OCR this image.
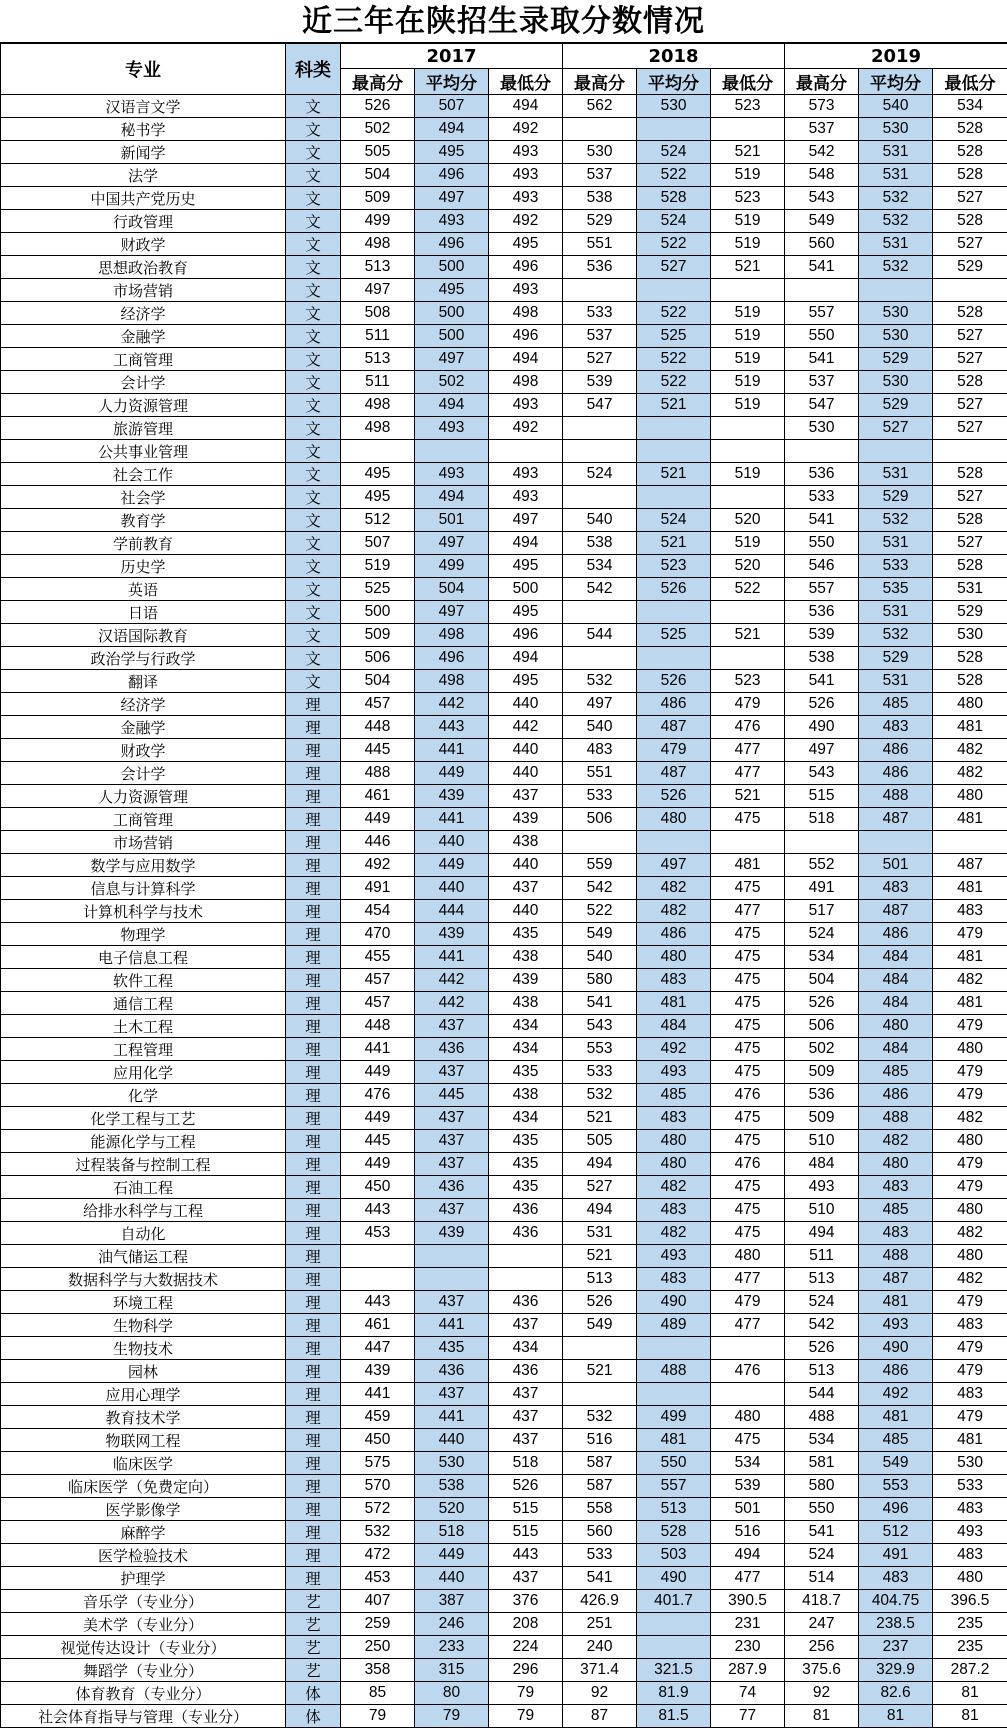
近三年在陕招生录取分数情况
专业	科类	2017			2018			2019		
		最高分	平均分	最低分	最高分	平均分	最低分	最高分	平均分	最低分
汉语言文学	文	526	507	494	562	530	523	573	540	534
秘书学	文	502	494	492				537	530	528
新闻学	文	505	495	493	530	524	521	542	531	528
法学	文	504	496	493	537	522	519	548	531	528
中国共产党历史	文	509	497	493	538	528	523	543	532	527
行政管理	文	499	493	492	529	524	519	549	532	528
财政学	文	498	496	495	551	522	519	560	531	527
思想政治教育	文	513	500	496	536	527	521	541	532	529
市场营销	文	497	495	493						
经济学	文	508	500	498	533	522	519	557	530	528
金融学	文	511	500	496	537	525	519	550	530	527
工商管理	文	513	497	494	527	522	519	541	529	527
会计学	文	511	502	498	539	522	519	537	530	528
人力资源管理	文	498	494	493	547	521	519	547	529	527
旅游管理	文	498	493	492				530	527	527
公共事业管理	文									
社会工作	文	495	493	493	524	521	519	536	531	528
社会学	文	495	494	493				533	529	527
教育学	文	512	501	497	540	524	520	541	532	528
学前教育	文	507	497	494	538	521	519	550	531	527
历史学	文	519	499	495	534	523	520	546	533	528
英语	文	525	504	500	542	526	522	557	535	531
日语	文	500	497	495				536	531	529
汉语国际教育	文	509	498	496	544	525	521	539	532	530
政治学与行政学	文	506	496	494				538	529	528
翻译	文	504	498	495	532	526	523	541	531	528
经济学	理	457	442	440	497	486	479	526	485	480
金融学	理	448	443	442	540	487	476	490	483	481
财政学	理	445	441	440	483	479	477	497	486	482
会计学	理	488	449	440	551	487	477	543	486	482
人力资源管理	理	461	439	437	533	526	521	515	488	480
工商管理	理	449	441	439	506	480	475	518	487	481
市场营销	理	446	440	438						
数学与应用数学	理	492	449	440	559	497	481	552	501	487
信息与计算科学	理	491	440	437	542	482	475	491	483	481
计算机科学与技术	理	454	444	440	522	482	477	517	487	483
物理学	理	470	439	435	549	486	475	524	486	479
电子信息工程	理	455	441	438	540	480	475	534	484	481
软件工程	理	457	442	439	580	483	475	504	484	482
通信工程	理	457	442	438	541	481	475	526	484	481
土木工程	理	448	437	434	543	484	475	506	480	479
工程管理	理	441	436	434	553	492	475	502	484	480
应用化学	理	449	437	435	533	493	475	509	485	479
化学	理	476	445	438	532	485	476	536	486	479
化学工程与工艺	理	449	437	434	521	483	475	509	488	482
能源化学与工程	理	445	437	435	505	480	475	510	482	480
过程装备与控制工程	理	449	437	435	494	480	476	484	480	479
石油工程	理	450	436	435	527	482	475	493	483	479
给排水科学与工程	理	443	437	436	494	483	475	510	485	480
自动化	理	453	439	436	531	482	475	494	483	482
油气储运工程	理				521	493	480	511	488	480
数据科学与大数据技术	理				513	483	477	513	487	482
环境工程	理	443	437	436	526	490	479	524	481	479
生物科学	理	461	441	437	549	489	477	542	493	483
生物技术	理	447	435	434				526	490	479
园林	理	439	436	436	521	488	476	513	486	479
应用心理学	理	441	437	437				544	492	483
教育技术学	理	459	441	437	532	499	480	488	481	479
物联网工程	理	450	440	437	516	481	475	534	485	481
临床医学	理	575	530	518	587	550	534	581	549	530
临床医学（免费定向）	理	570	538	526	587	557	539	580	553	533
医学影像学	理	572	520	515	558	513	501	550	496	483
麻醉学	理	532	518	515	560	528	516	541	512	493
医学检验技术	理	472	449	443	533	503	494	524	491	483
护理学	理	453	440	437	541	490	477	514	483	480
音乐学（专业分）	艺	407	387	376	426.9	401.7	390.5	418.7	404.75	396.5
美术学（专业分）	艺	259	246	208	251		231	247	238.5	235
视觉传达设计（专业分）	艺	250	233	224	240		230	256	237	235
舞蹈学（专业分）	艺	358	315	296	371.4	321.5	287.9	375.6	329.9	287.2
体育教育（专业分）	体	85	80	79	92	81.9	74	92	82.6	81
社会体育指导与管理（专业分）	体	79	79	79	87	81.5	77	81	81	81
